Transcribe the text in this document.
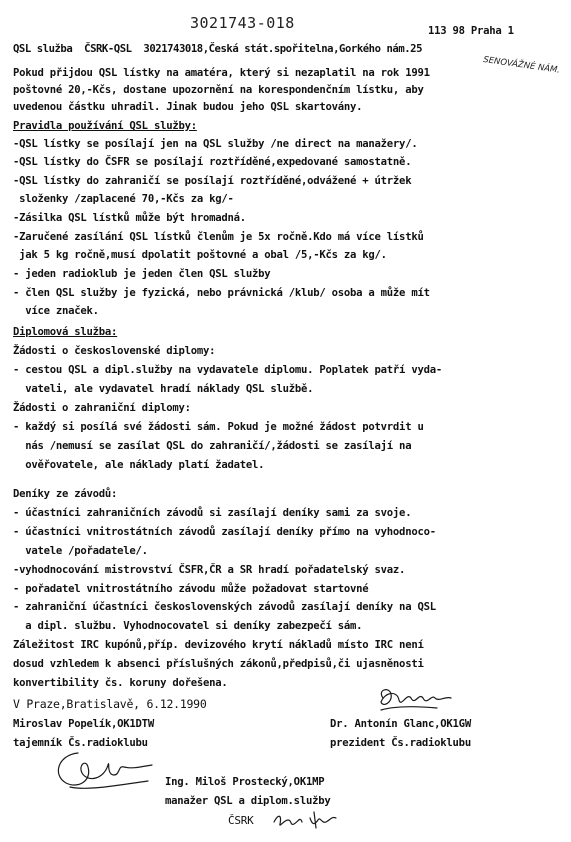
3021743-018	113 98 Praha 1
QSL služba  ČSRK-QSL  3021743018,Česká stát.spořitelna,Gorkého nám.25
SENOVÁŽNÉ NÁM.
Pokud přijdou QSL lístky na amatéra, který si nezaplatil na rok 1991
poštovné 20,-Kčs, dostane upozornění na korespondenčním lístku, aby
uvedenou částku uhradil. Jinak budou jeho QSL skartovány.
Pravidla používání QSL služby:
-QSL lístky se posílají jen na QSL služby /ne direct na manažery/.
-QSL lístky do ČSFR se posílají roztříděné,expedované samostatně.
-QSL lístky do zahraničí se posílají roztříděné,odvážené + útržek
složenky /zaplacené 70,-Kčs za kg/-
-Zásilka QSL lístků může být hromadná.
-Zaručené zasílání QSL lístků členům je 5x ročně.Kdo má více lístků
jak 5 kg ročně,musí dpolatit poštovné a obal /5,-Kčs za kg/.
- jeden radioklub je jeden člen QSL služby
- člen QSL služby je fyzická, nebo právnická /klub/ osoba a může mít
více značek.
Diplomová služba:
Žádosti o československé diplomy:
- cestou QSL a dipl.služby na vydavatele diplomu. Poplatek patří vyda-
vateli, ale vydavatel hradí náklady QSL službě.
Žádosti o zahraniční diplomy:
- každý si posílá své žádosti sám. Pokud je možné žádost potvrdit u
nás /nemusí se zasílat QSL do zahraničí/,žádosti se zasílají na
ověřovatele, ale náklady platí žadatel.
Deníky ze závodů:
- účastníci zahraničních závodů si zasílají deníky sami za svoje.
- účastníci vnitrostátních závodů zasílají deníky přímo na vyhodnoco-
vatele /pořadatele/.
-vyhodnocování mistrovství ČSFR,ČR a SR hradí pořadatelský svaz.
- pořadatel vnitrostátního závodu může požadovat startovné
- zahraniční účastníci československých závodů zasílají deníky na QSL
a dipl. službu. Vyhodnocovatel si deníky zabezpečí sám.
Záležitost IRC kupónů,příp. devizového krytí nákladů místo IRC není
dosud vzhledem k absenci příslušných zákonů,předpisů,či ujasněnosti
konvertibility čs. koruny dořešena.
V Praze,Bratislavě, 6.12.1990
Miroslav Popelík,OK1DTW
tajemník Čs.radioklubu
Dr. Antonín Glanc,OK1GW
prezident Čs.radioklubu
Ing. Miloš Prostecký,OK1MP
manažer QSL a diplom.služby
ČSRK
